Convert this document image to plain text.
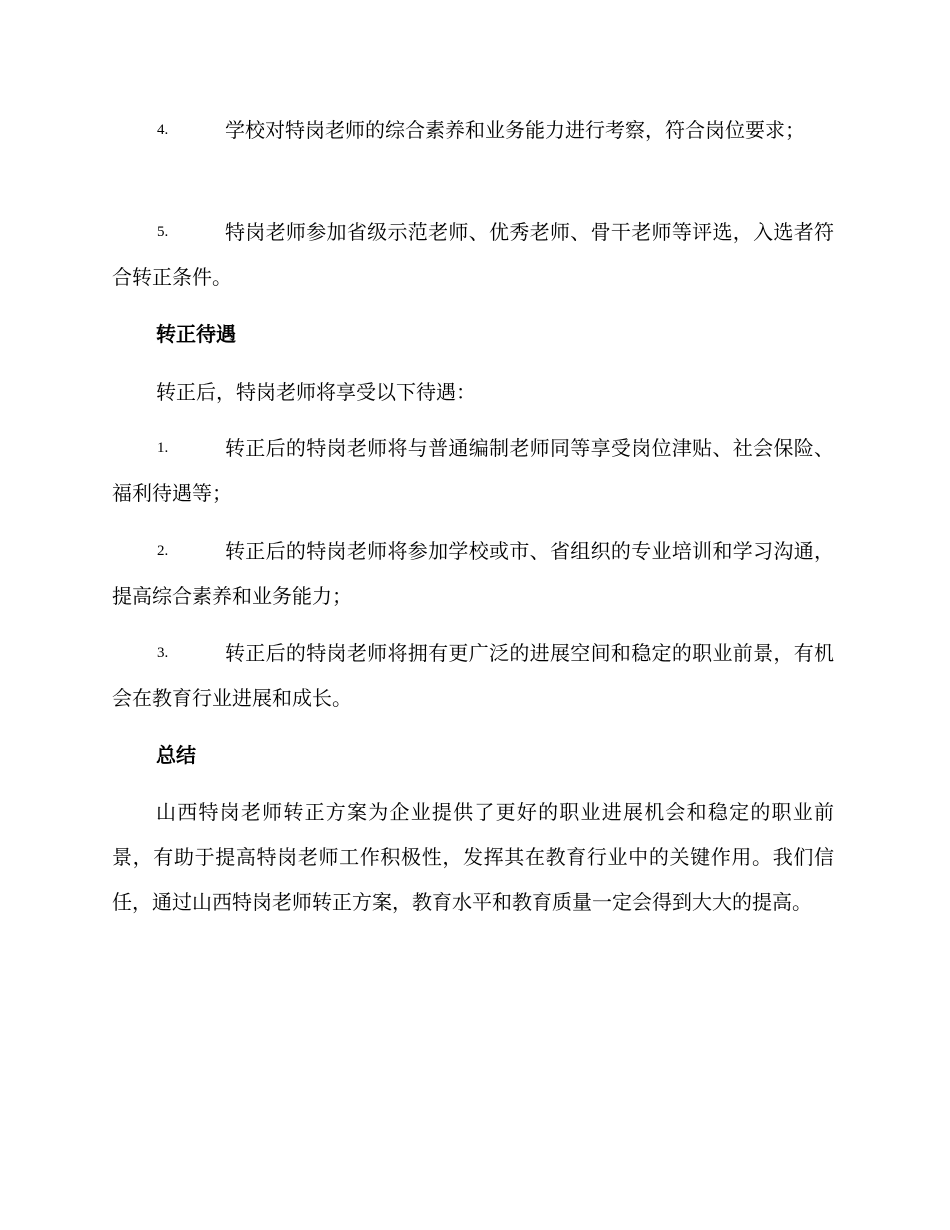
4.	学校对特岗老师的综合素养和业务能力进行考察，符合岗位要求；
5.	特岗老师参加省级示范老师、优秀老师、骨干老师等评选，入选者符合转正条件。

转正待遇

转正后，特岗老师将享受以下待遇：

1.	转正后的特岗老师将与普通编制老师同等享受岗位津贴、社会保险、福利待遇等；
2.	转正后的特岗老师将参加学校或市、省组织的专业培训和学习沟通，提高综合素养和业务能力；
3.	转正后的特岗老师将拥有更广泛的进展空间和稳定的职业前景，有机会在教育行业进展和成长。

总结

山西特岗老师转正方案为企业提供了更好的职业进展机会和稳定的职业前景，有助于提高特岗老师工作积极性，发挥其在教育行业中的关键作用。我们信任，通过山西特岗老师转正方案，教育水平和教育质量一定会得到大大的提高。
